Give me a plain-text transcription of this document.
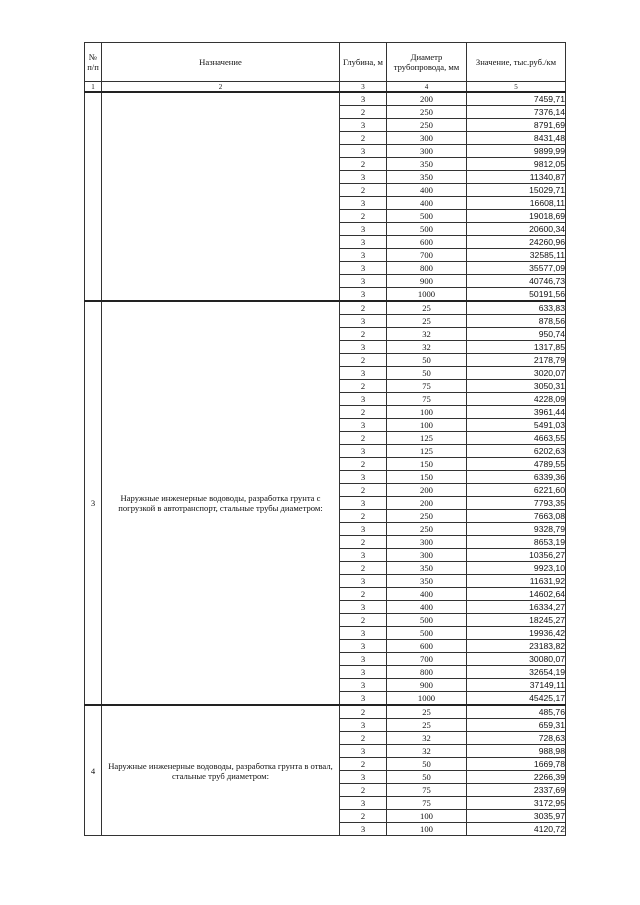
№ п/п	Назначение	Глубина, м	Диаметр трубопровода, мм	Значение, тыс.руб./км
1	2	3	4	5
		3	200	7459,71
		2	250	7376,14
		3	250	8791,69
		2	300	8431,48
		3	300	9899,99
		2	350	9812,05
		3	350	11340,87
		2	400	15029,71
		3	400	16608,11
		2	500	19018,69
		3	500	20600,34
		3	600	24260,96
		3	700	32585,11
		3	800	35577,09
		3	900	40746,73
		3	1000	50191,56
3	Наружные инженерные водоводы, разработка грунта с погрузкой в автотранспорт, стальные трубы диаметром:	2	25	633,83
		3	25	878,56
		2	32	950,74
		3	32	1317,85
		2	50	2178,79
		3	50	3020,07
		2	75	3050,31
		3	75	4228,09
		2	100	3961,44
		3	100	5491,03
		2	125	4663,55
		3	125	6202,63
		2	150	4789,55
		3	150	6339,36
		2	200	6221,60
		3	200	7793,35
		2	250	7663,08
		3	250	9328,79
		2	300	8653,19
		3	300	10356,27
		2	350	9923,10
		3	350	11631,92
		2	400	14602,64
		3	400	16334,27
		2	500	18245,27
		3	500	19936,42
		3	600	23183,82
		3	700	30080,07
		3	800	32654,19
		3	900	37149,11
		3	1000	45425,17
4	Наружные инженерные водоводы, разработка грунта в отвал, стальные труб диаметром:	2	25	485,76
		3	25	659,31
		2	32	728,63
		3	32	988,98
		2	50	1669,78
		3	50	2266,39
		2	75	2337,69
		3	75	3172,95
		2	100	3035,97
		3	100	4120,72
